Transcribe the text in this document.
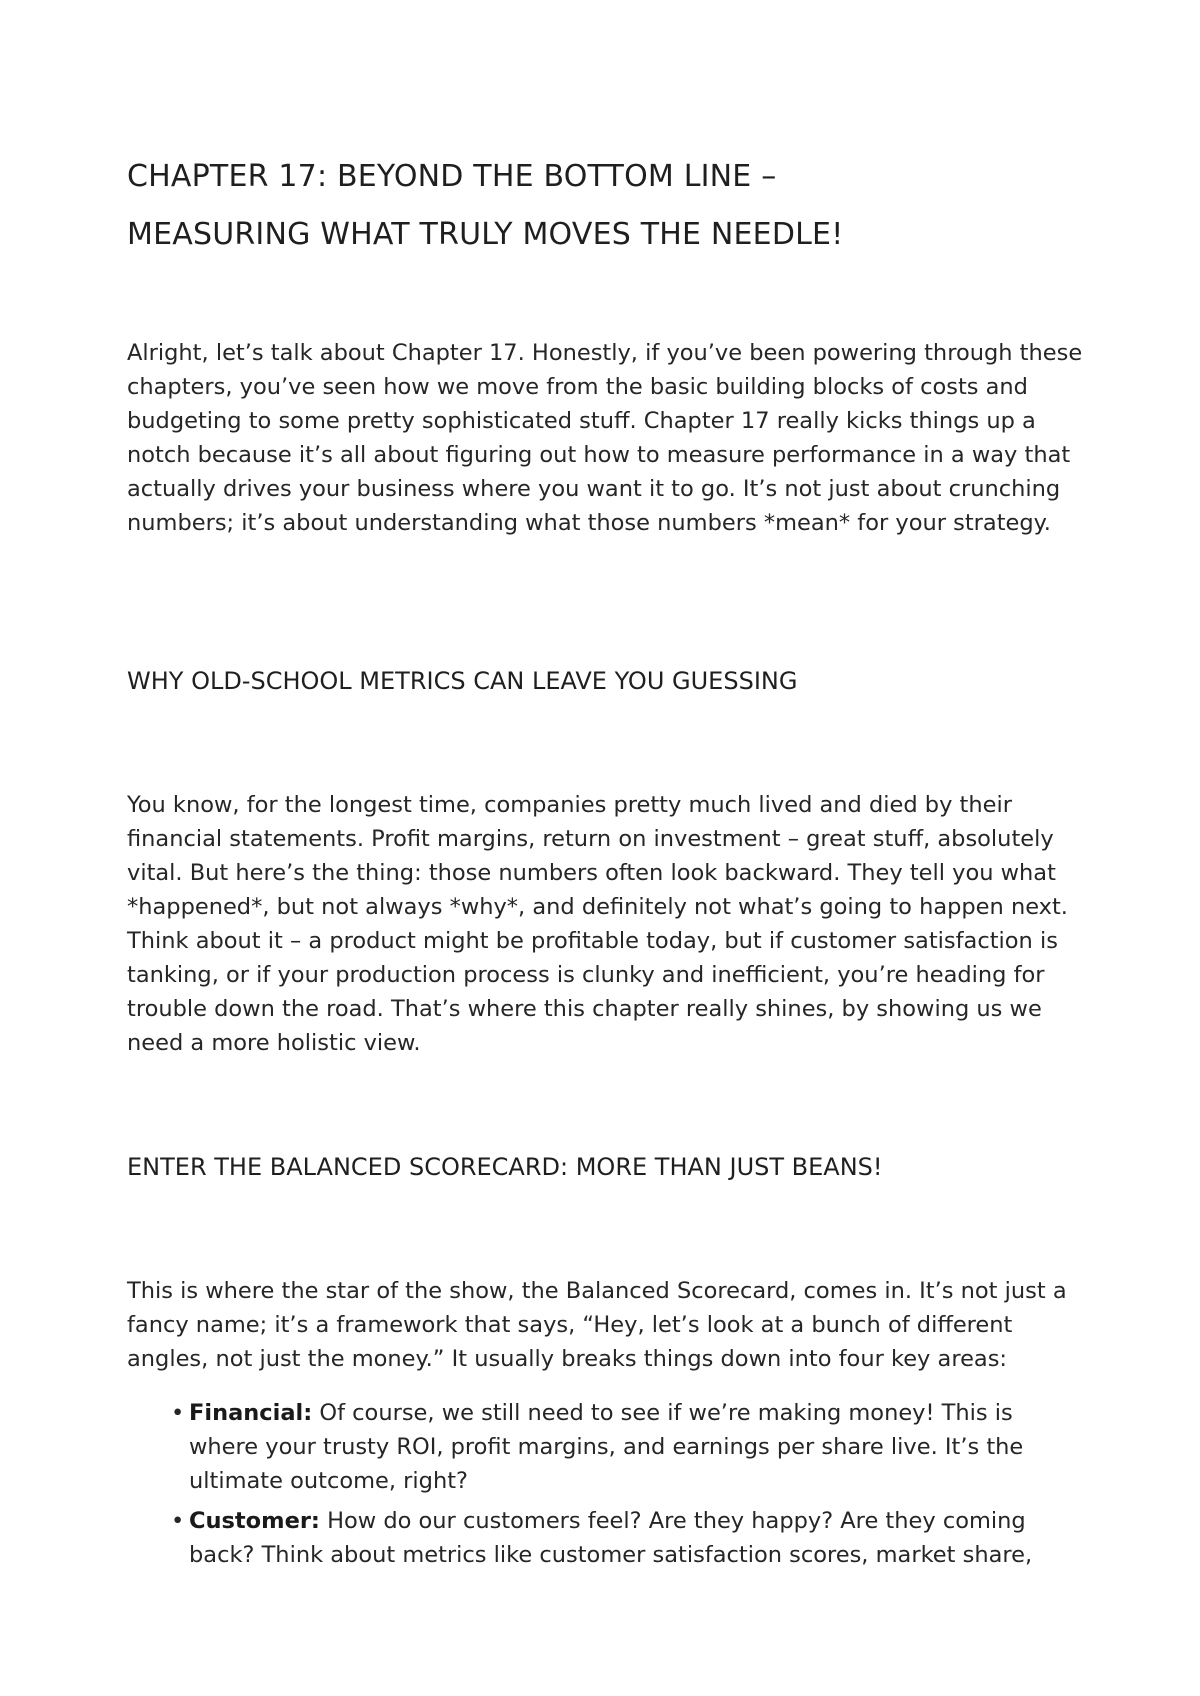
CHAPTER 17: BEYOND THE BOTTOM LINE –
MEASURING WHAT TRULY MOVES THE NEEDLE!

Alright, let’s talk about Chapter 17. Honestly, if you’ve been powering through these chapters, you’ve seen how we move from the basic building blocks of costs and budgeting to some pretty sophisticated stuff. Chapter 17 really kicks things up a notch because it’s all about figuring out how to measure performance in a way that actually drives your business where you want it to go. It’s not just about crunching numbers; it’s about understanding what those numbers *mean* for your strategy.

WHY OLD-SCHOOL METRICS CAN LEAVE YOU GUESSING

You know, for the longest time, companies pretty much lived and died by their financial statements. Profit margins, return on investment – great stuff, absolutely vital. But here’s the thing: those numbers often look backward. They tell you what *happened*, but not always *why*, and definitely not what’s going to happen next. Think about it – a product might be profitable today, but if customer satisfaction is tanking, or if your production process is clunky and inefficient, you’re heading for trouble down the road. That’s where this chapter really shines, by showing us we need a more holistic view.

ENTER THE BALANCED SCORECARD: MORE THAN JUST BEANS!

This is where the star of the show, the Balanced Scorecard, comes in. It’s not just a fancy name; it’s a framework that says, “Hey, let’s look at a bunch of different angles, not just the money.” It usually breaks things down into four key areas:

• Financial: Of course, we still need to see if we’re making money! This is where your trusty ROI, profit margins, and earnings per share live. It’s the ultimate outcome, right?
• Customer: How do our customers feel? Are they happy? Are they coming back? Think about metrics like customer satisfaction scores, market share,
